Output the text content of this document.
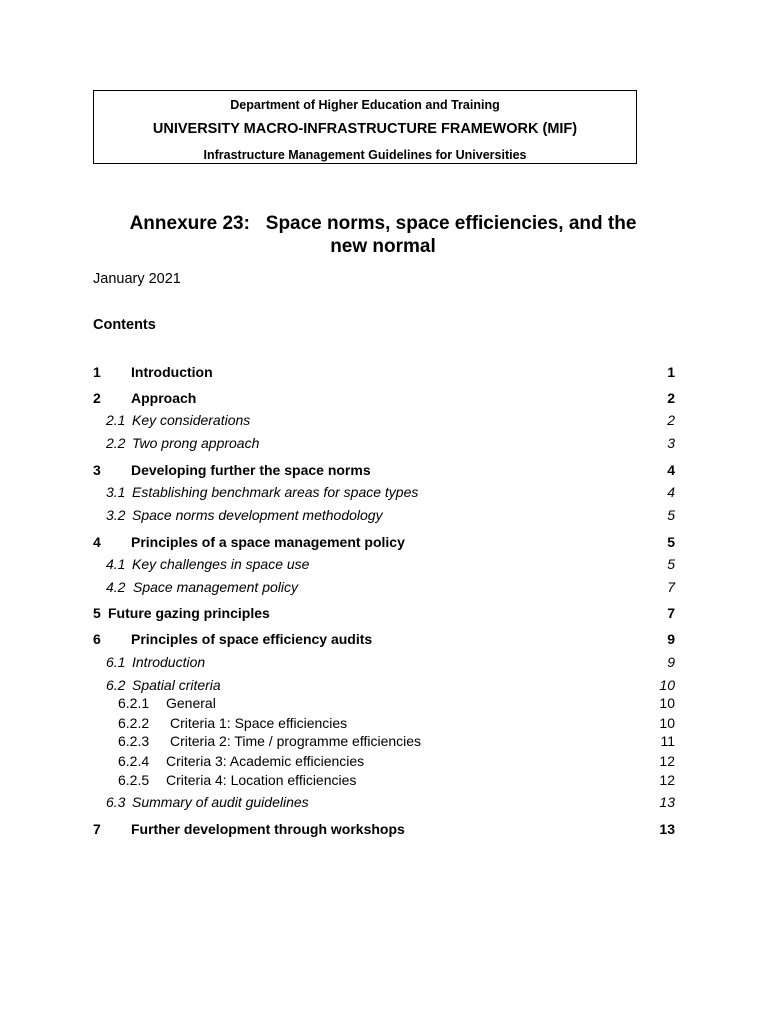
Department of Higher Education and Training
UNIVERSITY MACRO-INFRASTRUCTURE FRAMEWORK (MIF)
Infrastructure Management Guidelines for Universities
Annexure 23:   Space norms, space efficiencies, and the
new normal
January 2021
Contents
1 Introduction	1
2 Approach	2
2.1 Key considerations	2
2.2 Two prong approach	3
3 Developing further the space norms	4
3.1 Establishing benchmark areas for space types	4
3.2 Space norms development methodology	5
4 Principles of a space management policy	5
4.1 Key challenges in space use	5
4.2 Space management policy	7
5 Future gazing principles	7
6 Principles of space efficiency audits	9
6.1 Introduction	9
6.2 Spatial criteria	10
6.2.1 General	10
6.2.2 Criteria 1: Space efficiencies	10
6.2.3 Criteria 2: Time / programme efficiencies	11
6.2.4 Criteria 3: Academic efficiencies	12
6.2.5 Criteria 4: Location efficiencies	12
6.3 Summary of audit guidelines	13
7 Further development through workshops	13
